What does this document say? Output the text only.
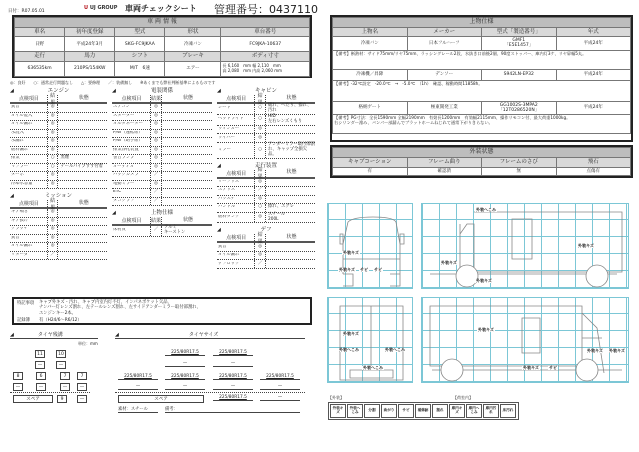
日付：R07.05.01
U UJ GROUP 車両チェックシート 管理番号：0437110
車 両 情 報				
車名	初年度登録	型式	形状	車台番号
日野	平成24年3月	SKG-FC9JKAA	冷凍バン	FC9JKA-10637
走行	馬力	シフト	ブレーキ	ボディ寸寸
636535km	210PS/154KW	M/T　6速	エアー	長 6,160　mm 幅 2,110　mm
高 2,080　mm 内高 2,060 mm
◎：良好 ○：通常走行問題なし △：要修理 ／：装備無し ※あくまでも弊社判断基準によるものです
◢	エンジン
点検項目
結果
状態
異音	◎
オイル混入	◎
オイル漏れ	◎
水混入	◎
水漏れ	◎
燃料漏れ	◎
排気	○	黒煙
マフラー	○	テールパイプすす付着
ターボ	◎
冷却水容量	◎
◢	ミッション
点検項目
結果
状態
ギア鳴き	◎
ギア抜け	◎
クラッチ	◎
異音	◎
オイル漏れ	◎
リターダ	／
◢	電装関係
点検項目	結果	状態
エアコン	◎
スターター	◎
オルタネーター	◎
P/W（運転席）	◎
P/W（助手席）	◎
排気浄化装置	◎
警告ランプ	◎
オーディオ	◎
バックカメラ	／
電動ミラー	◎
ETC	／
タコグラフ	／
◢	上物仕様
点検項目	結果	状態
床材質	／	アルミ
キーストン
◢	キャビン
点検項目
結果
状態
シート	○	破れ、へたり、擦れ、汚れ
ヘッドライト	○	HID
左右レンズくもり
ウィンカー	◎
ワイパー	◎
ミラー	○
アンダーミラー取付部割れ、キャップ全損欠品。
◢	走行装置
点検項目
結果
状態
リーフサス	◎
エアサス	／
パワステ	◎
ハンドル	○	擦れ、エグレ
燃料タンク	◎	スチール
200L
◢	デフ
点検項目
結果
状態
異音	◎
オイル漏れ	◎
デフロック	／
特記事項	キャブ外キズ・汚れ、キャブ内室内灯不灯、インパネポケット欠品、
ナンバー灯レンズ割れ、左テールレンズ割れ、左サイドアンダーミラー取付部割れ、
エンジンキー2本。
記録簿	有（H24/6〜R6/12）
◢	タイヤ残溝
単位：mm
11	10
—	—
8	6	7	7
—	—	—	—
スペア	9	—
◢	タイヤサイズ
225/80R17.5	225/80R17.5
—	—
225/80R17.5	225/80R17.5	225/80R17.5	225/80R17.5
—	—	—	—
スペア	225/80R17.5	—
素材：スチール	備考：
上物仕様			
上物名	メーカー	型式「製造番号」	年式
冷凍バン	日本フルハーフ	GMF1
「E5E1457」	平成24年
【備考】断熱材：サイド75mm/リヤ75mm、ラッシングレール2段、水抜き口前後2個、90度ストッパー、庫内灯3ケ、リヤ扉幅5丸。			
冷凍機／昇降	デンソー	S942LN-EP32	平成24年
【備考】-32℃設定　-20.0℃　→　-5.0℃　（1h）　確認、稼動時間11858h。			
格納ゲート	極東開発工業	GG1002S-3MPA2
「12T0286520N」	平成24年
【備考】PG寸法：全長1590mm 全幅2190mm　有効長1200mm　有効幅2115mm、操作リモコン付、最大荷重1000kg。
右シリンダー滲み、バンパー部錆んでプラットホームねじれて通常下がりきらない。			
外装状態			
キャブコーション	フレーム曲り	フレームのさび	飛石
有	確認済	無	点傷有
外装キズ
外装キズ サビ サビ
外装へこみ
外装キズ
外装キズ
外装キズ
外装キズ
外装へこみ	外装へこみ
外装へこみ
外装キズ
外装キズ	サビ
外装キズ 外装キズ
【外装】	【荷室内】
外装キズ
外装へこみ	分割	曲がり	サビ	補修跡	割れ	庫内キズ
庫内へこみ
庫内汚れ	床汚れ
